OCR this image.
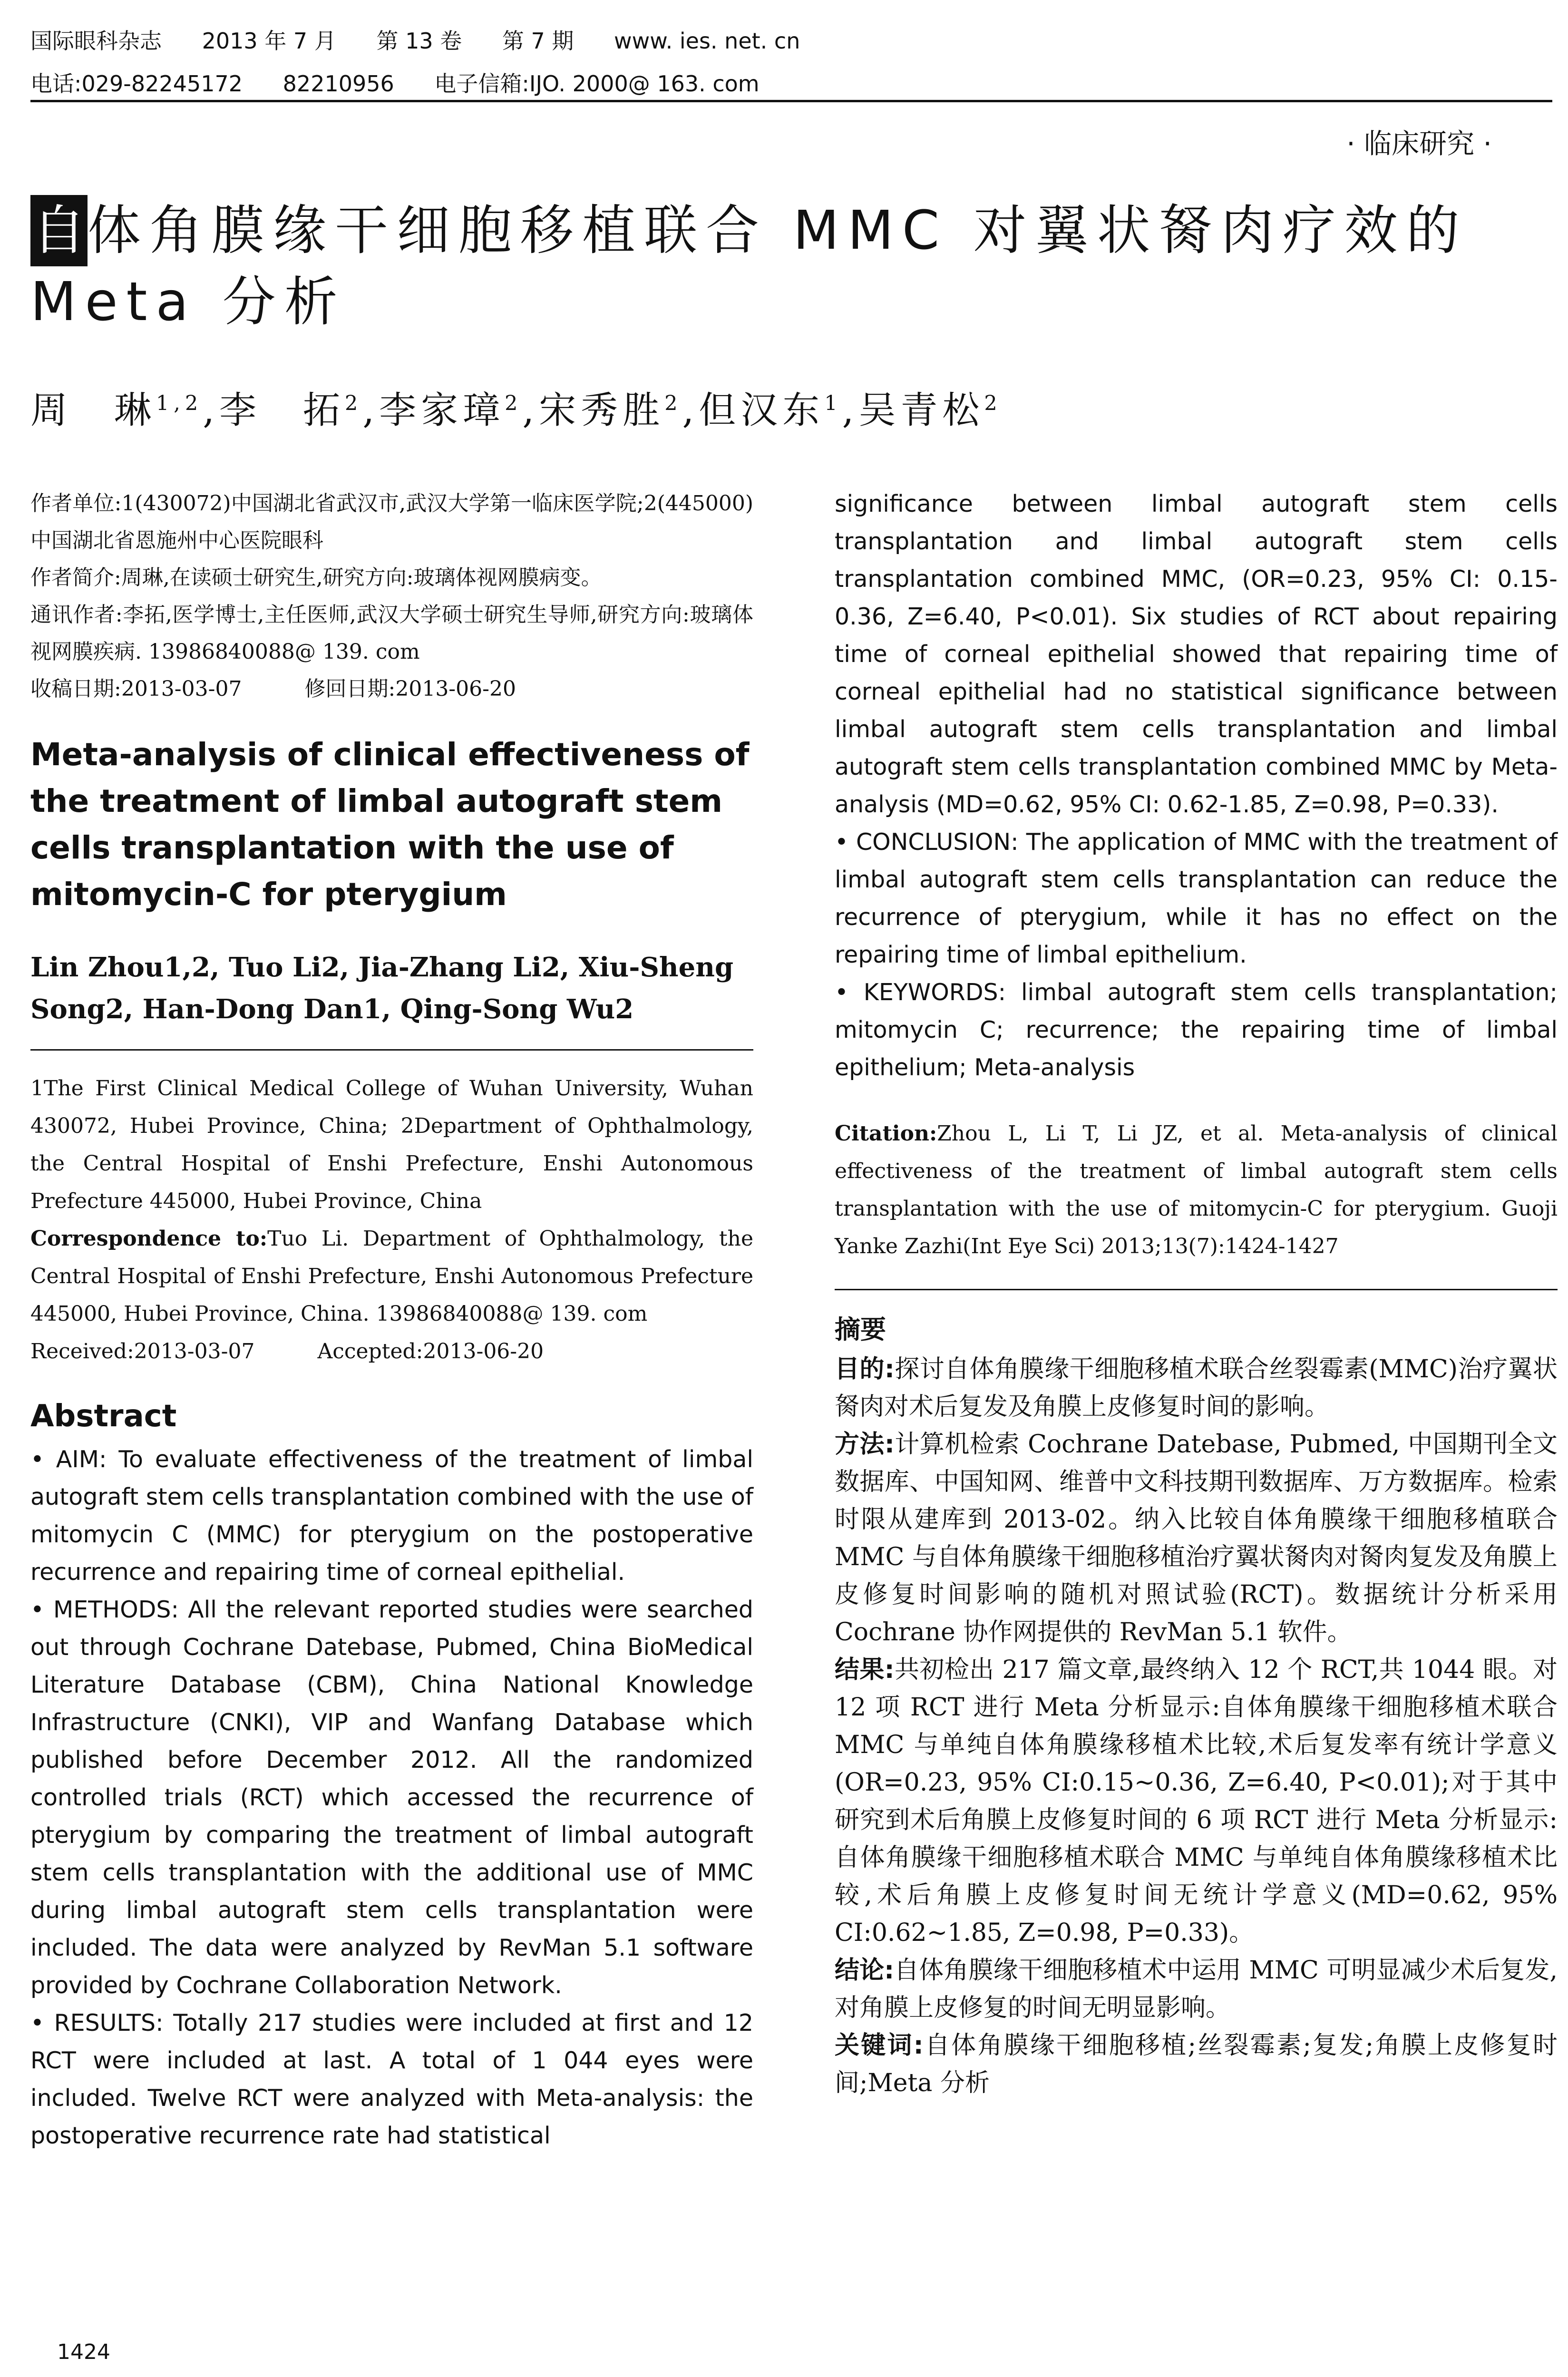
国际眼科杂志 2013 年 7 月 第 13 卷 第 7 期 www. ies. net. cn
电话:029-82245172 82210956 电子信箱:IJO. 2000@ 163. com
· 临床研究 ·
自体角膜缘干细胞移植联合 MMC 对翼状胬肉疗效的 Meta 分析
周　琳$^{1,2}$,李　拓$^2$,李家璋$^2$,宋秀胜$^2$,但汉东$^1$,吴青松$^2$

作者单位:1(430072)中国湖北省武汉市,武汉大学第一临床医学院;2(445000)中国湖北省恩施州中心医院眼科

作者简介:周琳,在读硕士研究生,研究方向:玻璃体视网膜病变。

通讯作者:李拓,医学博士,主任医师,武汉大学硕士研究生导师,研究方向:玻璃体视网膜疾病. 13986840088@ 139. com

收稿日期:2013-03-07　　　修回日期:2013-06-20

Meta-analysis of clinical effectiveness of the treatment of limbal autograft stem cells transplantation with the use of mitomycin-C for pterygium
Lin Zhou1,2, Tuo Li2, Jia-Zhang Li2, Xiu-Sheng Song2, Han-Dong Dan1, Qing-Song Wu2

1The First Clinical Medical College of Wuhan University, Wuhan 430072, Hubei Province, China; 2Department of Ophthalmology, the Central Hospital of Enshi Prefecture, Enshi Autonomous Prefecture 445000, Hubei Province, China

Correspondence to:Tuo Li. Department of Ophthalmology, the Central Hospital of Enshi Prefecture, Enshi Autonomous Prefecture 445000, Hubei Province, China. 13986840088@ 139. com

Received:2013-03-07　　　Accepted:2013-06-20

Abstract

• AIM: To evaluate effectiveness of the treatment of limbal autograft stem cells transplantation combined with the use of mitomycin C (MMC) for pterygium on the postoperative recurrence and repairing time of corneal epithelial.

• METHODS: All the relevant reported studies were searched out through Cochrane Datebase, Pubmed, China BioMedical Literature Database (CBM), China National Knowledge Infrastructure (CNKI), VIP and Wanfang Database which published before December 2012. All the randomized controlled trials (RCT) which accessed the recurrence of pterygium by comparing the treatment of limbal autograft stem cells transplantation with the additional use of MMC during limbal autograft stem cells transplantation were included. The data were analyzed by RevMan 5.1 software provided by Cochrane Collaboration Network.

• RESULTS: Totally 217 studies were included at first and 12 RCT were included at last. A total of 1 044 eyes were included. Twelve RCT were analyzed with Meta-analysis: the postoperative recurrence rate had statistical

significance between limbal autograft stem cells transplantation and limbal autograft stem cells transplantation combined MMC, (OR=0.23, 95% CI: 0.15-0.36, Z=6.40, P<0.01). Six studies of RCT about repairing time of corneal epithelial showed that repairing time of corneal epithelial had no statistical significance between limbal autograft stem cells transplantation and limbal autograft stem cells transplantation combined MMC by Meta-analysis (MD=0.62, 95% CI: 0.62-1.85, Z=0.98, P=0.33).

• CONCLUSION: The application of MMC with the treatment of limbal autograft stem cells transplantation can reduce the recurrence of pterygium, while it has no effect on the repairing time of limbal epithelium.

• KEYWORDS: limbal autograft stem cells transplantation; mitomycin C; recurrence; the repairing time of limbal epithelium; Meta-analysis

Citation:Zhou L, Li T, Li JZ, et al. Meta-analysis of clinical effectiveness of the treatment of limbal autograft stem cells transplantation with the use of mitomycin-C for pterygium. Guoji Yanke Zazhi(Int Eye Sci) 2013;13(7):1424-1427
摘要

目的:探讨自体角膜缘干细胞移植术联合丝裂霉素(MMC)治疗翼状胬肉对术后复发及角膜上皮修复时间的影响。

方法:计算机检索 Cochrane Datebase, Pubmed, 中国期刊全文数据库、中国知网、维普中文科技期刊数据库、万方数据库。检索时限从建库到 2013-02。纳入比较自体角膜缘干细胞移植联合 MMC 与自体角膜缘干细胞移植治疗翼状胬肉对胬肉复发及角膜上皮修复时间影响的随机对照试验(RCT)。数据统计分析采用 Cochrane 协作网提供的 RevMan 5.1 软件。

结果:共初检出 217 篇文章,最终纳入 12 个 RCT,共 1044 眼。对 12 项 RCT 进行 Meta 分析显示:自体角膜缘干细胞移植术联合 MMC 与单纯自体角膜缘移植术比较,术后复发率有统计学意义(OR=0.23, 95% CI:0.15~0.36, Z=6.40, P<0.01);对于其中研究到术后角膜上皮修复时间的 6 项 RCT 进行 Meta 分析显示:自体角膜缘干细胞移植术联合 MMC 与单纯自体角膜缘移植术比较,术后角膜上皮修复时间无统计学意义(MD=0.62, 95% CI:0.62~1.85, Z=0.98, P=0.33)。

结论:自体角膜缘干细胞移植术中运用 MMC 可明显减少术后复发,对角膜上皮修复的时间无明显影响。

关键词:自体角膜缘干细胞移植;丝裂霉素;复发;角膜上皮修复时间;Meta 分析

1424
